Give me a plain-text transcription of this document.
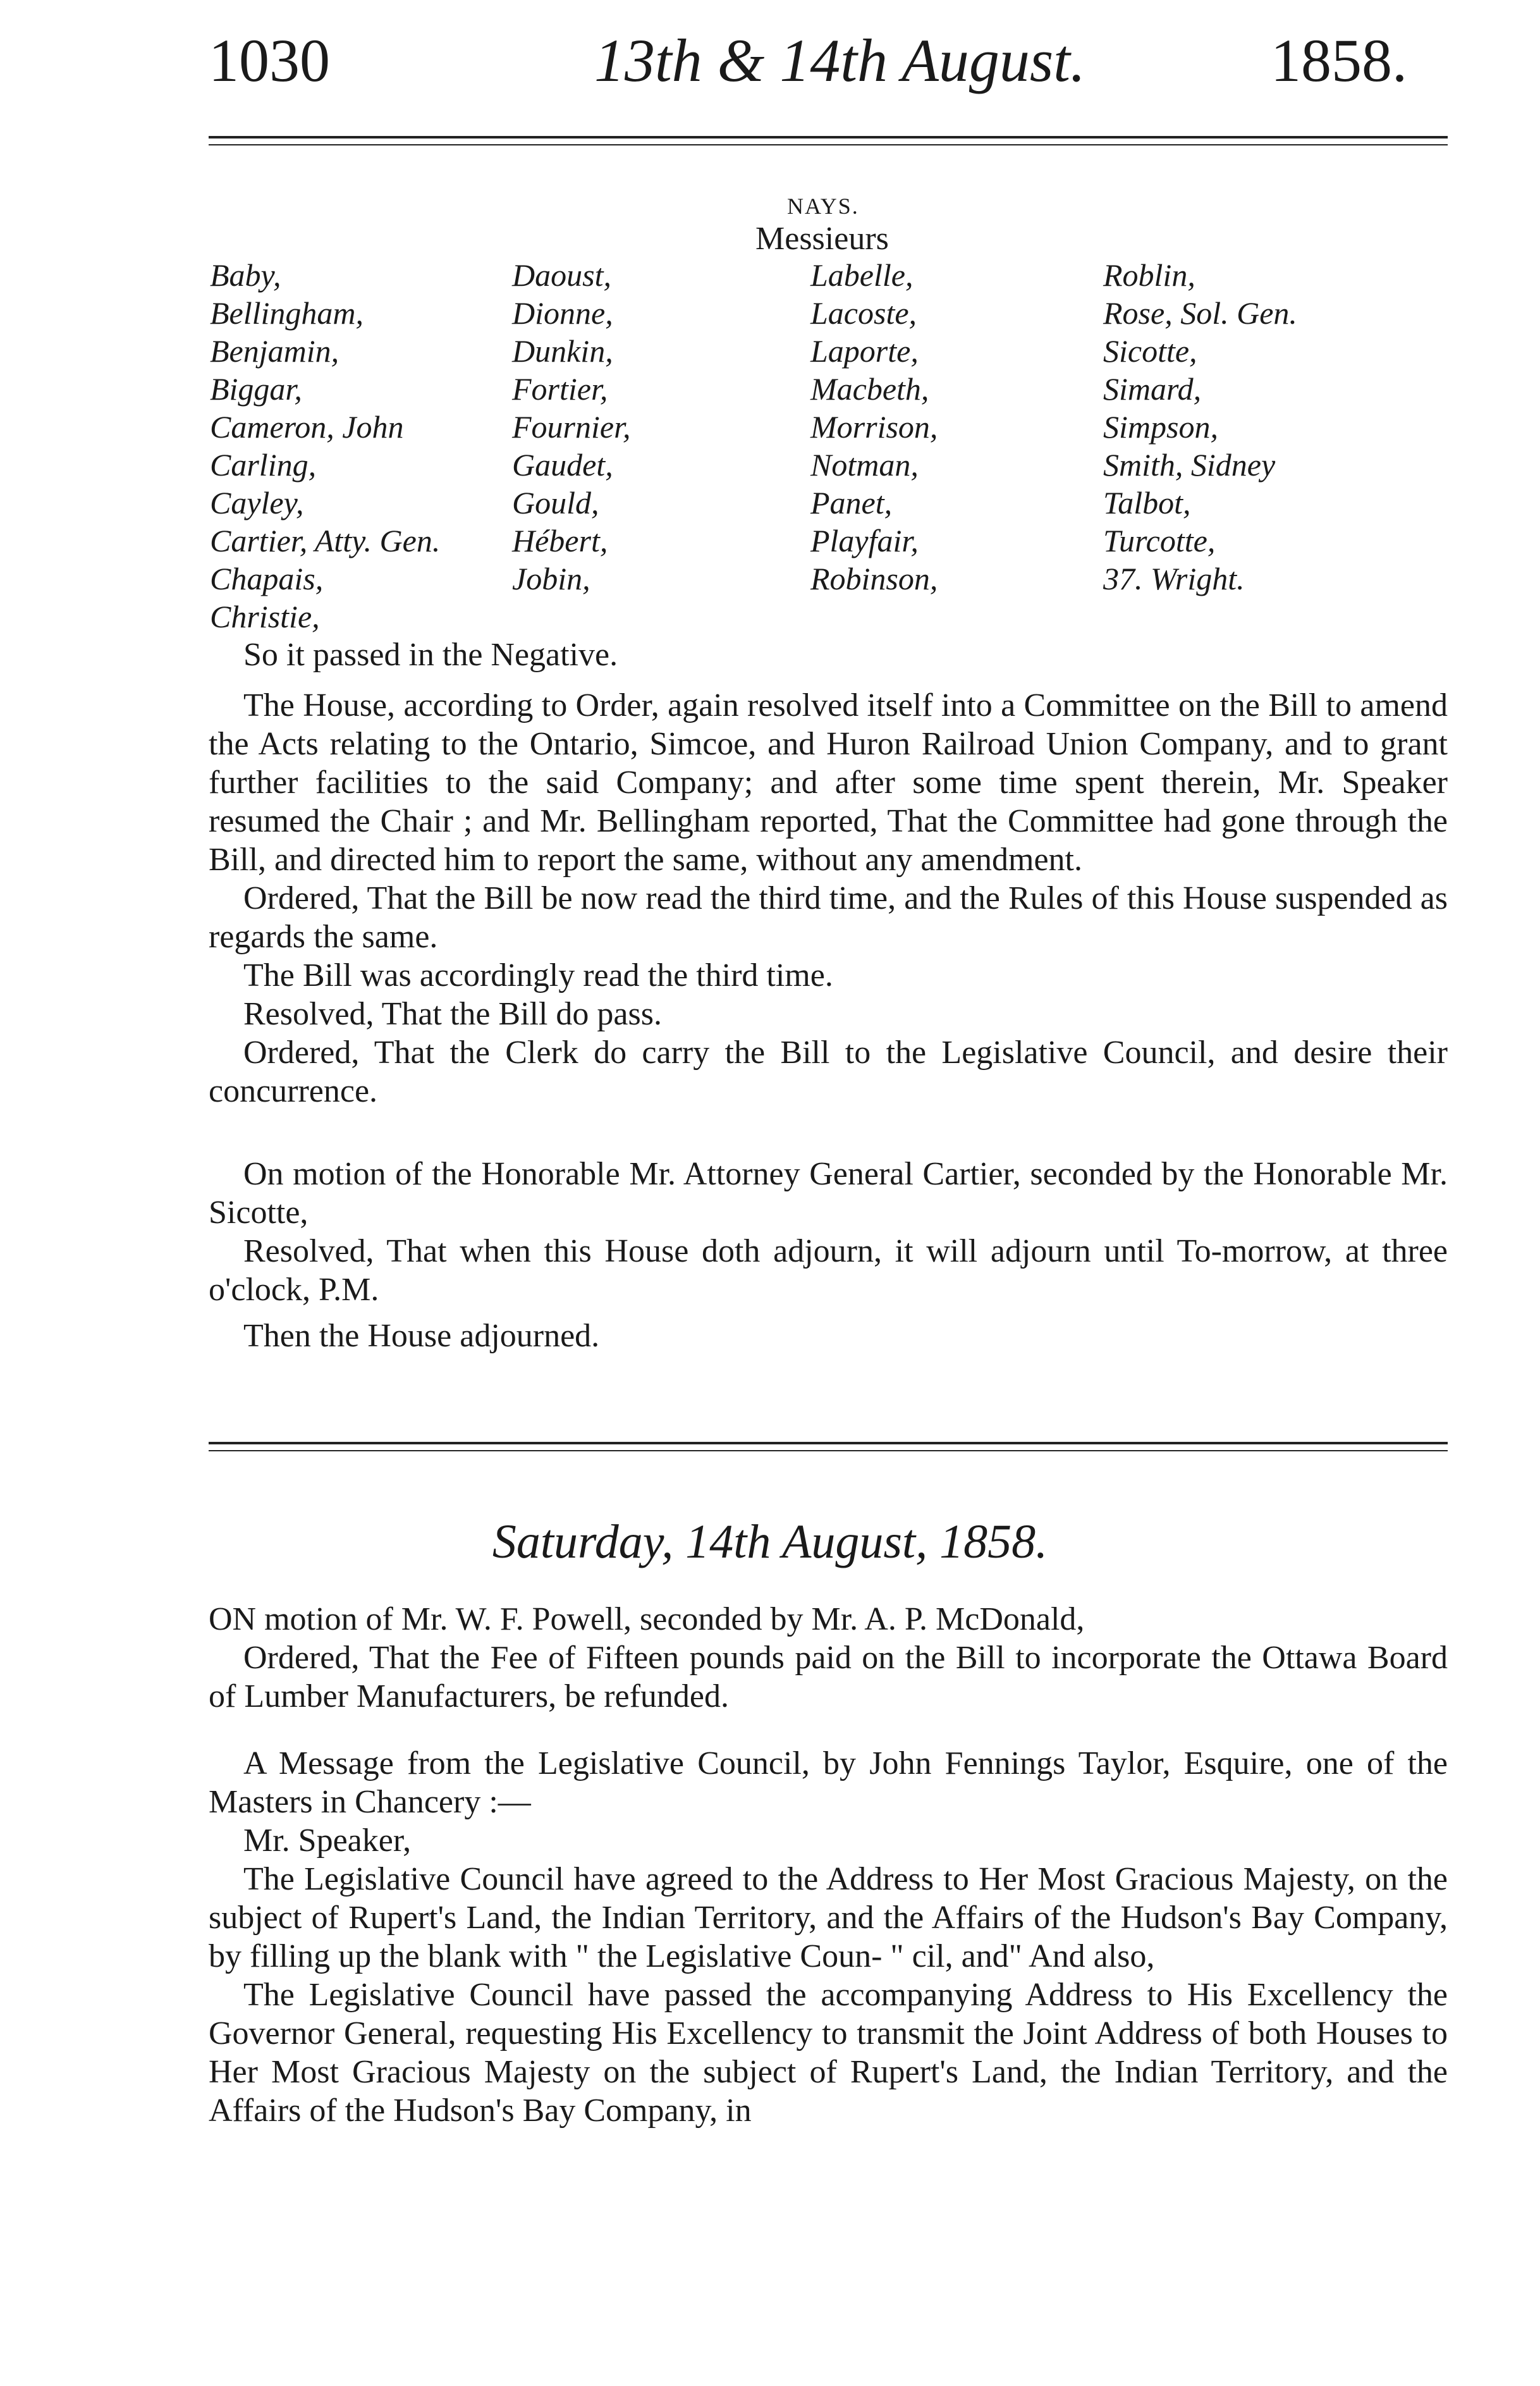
1030	13th & 14th August.	1858.
NAYS.
Messieurs
Baby,
Bellingham,
Benjamin,
Biggar,
Cameron, John
Carling,
Cayley,
Cartier, Atty. Gen.
Chapais,
Christie,
Daoust,
Dionne,
Dunkin,
Fortier,
Fournier,
Gaudet,
Gould,
Hébert,
Jobin,
Labelle,
Lacoste,
Laporte,
Macbeth,
Morrison,
Notman,
Panet,
Playfair,
Robinson,
Roblin,
Rose, Sol. Gen.
Sicotte,
Simard,
Simpson,
Smith, Sidney
Talbot,
Turcotte,
37. Wright.
So it passed in the Negative.

The House, according to Order, again resolved itself into a Committee on the Bill to amend the Acts relating to the Ontario, Simcoe, and Huron Railroad Union Company, and to grant further facilities to the said Company; and after some time spent therein, Mr. Speaker resumed the Chair ; and Mr. Bellingham reported, That the Committee had gone through the Bill, and directed him to report the same, without any amendment.

Ordered, That the Bill be now read the third time, and the Rules of this House suspended as regards the same.

The Bill was accordingly read the third time.

Resolved, That the Bill do pass.

Ordered, That the Clerk do carry the Bill to the Legislative Council, and desire their concurrence.

On motion of the Honorable Mr. Attorney General Cartier, seconded by the Honorable Mr. Sicotte,

Resolved, That when this House doth adjourn, it will adjourn until To-morrow, at three o'clock, P.M.

Then the House adjourned.

Saturday, 14th August, 1858.

ON motion of Mr. W. F. Powell, seconded by Mr. A. P. McDonald,

Ordered, That the Fee of Fifteen pounds paid on the Bill to incorporate the Ottawa Board of Lumber Manufacturers, be refunded.

A Message from the Legislative Council, by John Fennings Taylor, Esquire, one of the Masters in Chancery :—

Mr. Speaker,

The Legislative Council have agreed to the Address to Her Most Gracious Majesty, on the subject of Rupert's Land, the Indian Territory, and the Affairs of the Hudson's Bay Company, by filling up the blank with " the Legislative Coun- " cil, and" And also,

The Legislative Council have passed the accompanying Address to His Excellency the Governor General, requesting His Excellency to transmit the Joint Address of both Houses to Her Most Gracious Majesty on the subject of Rupert's Land, the Indian Territory, and the Affairs of the Hudson's Bay Company, in
